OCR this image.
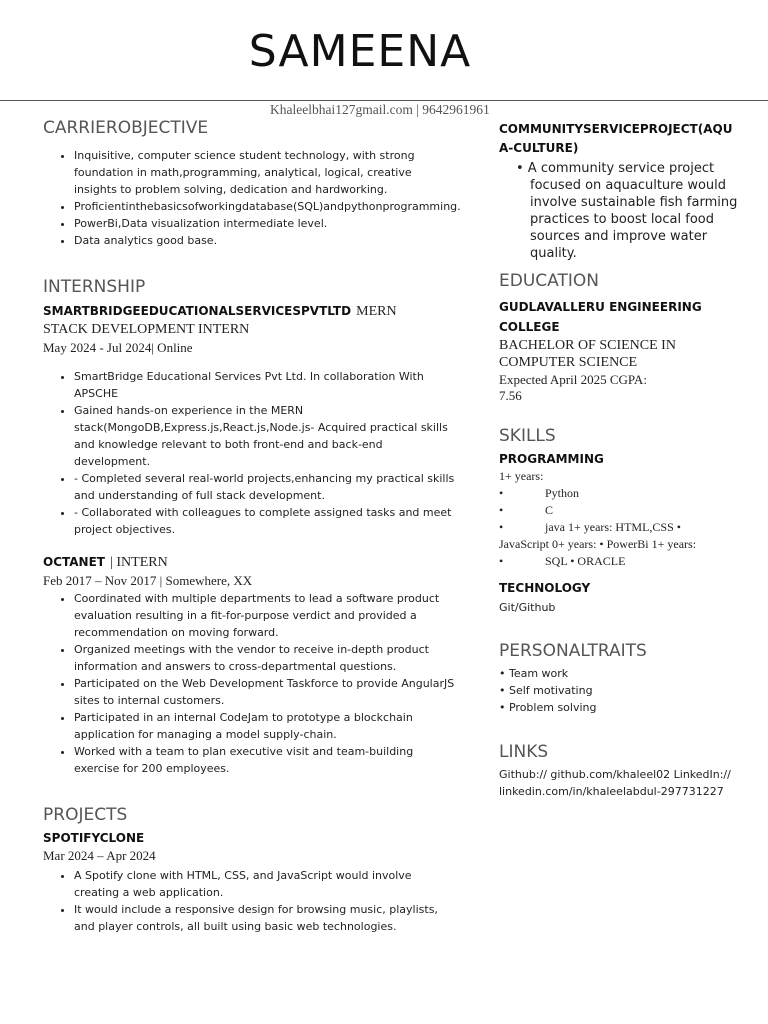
SAMEENA
Khaleelbhai127gmail.com | 9642961961
CARRIEROBJECTIVE
• Inquisitive, computer science student technology, with strong foundation in math,programming, analytical, logical, creative insights to problem solving, dedication and hardworking.
• Proficientinthebasicsofworkingdatabase(SQL)andpythonprogramming.
• PowerBi,Data visualization intermediate level.
• Data analytics good base.
INTERNSHIP
SMARTBRIDGEEDUCATIONALSERVICESPVTLTD MERN
STACK DEVELOPMENT INTERN
May 2024 - Jul 2024| Online
• SmartBridge Educational Services Pvt Ltd. In collaboration With APSCHE
• Gained hands-on experience in the MERN stack(MongoDB,Express.js,React.js,Node.js- Acquired practical skills and knowledge relevant to both front-end and back-end development.
• - Completed several real-world projects,enhancing my practical skills and understanding of full stack development.
• - Collaborated with colleagues to complete assigned tasks and meet project objectives.
OCTANET | INTERN
Feb 2017 – Nov 2017 | Somewhere, XX
• Coordinated with multiple departments to lead a software product evaluation resulting in a fit-for-purpose verdict and provided a recommendation on moving forward.
• Organized meetings with the vendor to receive in-depth product information and answers to cross-departmental questions.
• Participated on the Web Development Taskforce to provide AngularJS sites to internal customers.
• Participated in an internal CodeJam to prototype a blockchain application for managing a model supply-chain.
• Worked with a team to plan executive visit and team-building exercise for 200 employees.
PROJECTS
SPOTIFYCLONE
Mar 2024 – Apr 2024
• A Spotify clone with HTML, CSS, and JavaScript would involve creating a web application.
• It would include a responsive design for browsing music, playlists, and player controls, all built using basic web technologies.
COMMUNITYSERVICEPROJECT(AQU
A-CULTURE)
• A community service project focused on aquaculture would involve sustainable fish farming practices to boost local food sources and improve water quality.
EDUCATION
GUDLAVALLERU ENGINEERING
COLLEGE
BACHELOR OF SCIENCE IN
COMPUTER SCIENCE
Expected April 2025 CGPA:
7.56
SKILLS
PROGRAMMING
1+ years:
•	Python
•	C
•	java 1+ years: HTML,CSS •
JavaScript 0+ years: • PowerBi 1+ years:
•	SQL • ORACLE
TECHNOLOGY
Git/Github
PERSONALTRAITS
• Team work
• Self motivating
• Problem solving
LINKS
Github:// github.com/khaleel02 LinkedIn://
linkedin.com/in/khaleelabdul-297731227
